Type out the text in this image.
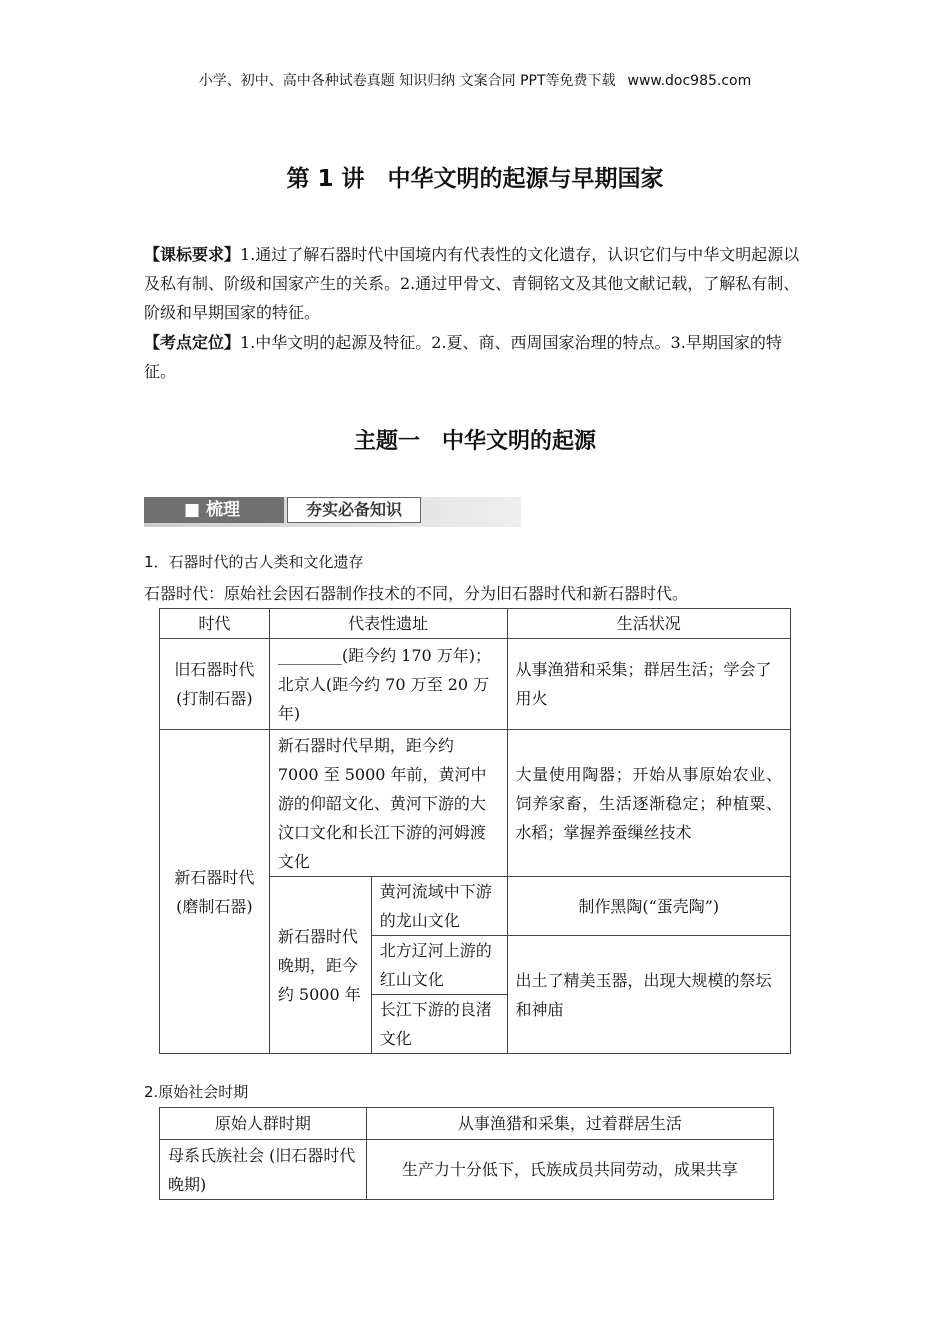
小学、初中、高中各种试卷真题 知识归纳 文案合同 PPT等免费下载 www.doc985.com
第 1 讲　中华文明的起源与早期国家
【课标要求】1.通过了解石器时代中国境内有代表性的文化遗存，认识它们与中华文明起源以及私有制、阶级和国家产生的关系。2.通过甲骨文、青铜铭文及其他文献记载，了解私有制、阶级和早期国家的特征。
【考点定位】1.中华文明的起源及特征。2.夏、商、西周国家治理的特点。3.早期国家的特征。
主题一　中华文明的起源
■ 梳理	夯实必备知识
1．石器时代的古人类和文化遗存
石器时代：原始社会因石器制作技术的不同，分为旧石器时代和新石器时代。
时代	代表性遗址		生活状况
旧石器时代(打制石器)	________(距今约 170 万年)；北京人(距今约 70 万至 20 万年)		从事渔猎和采集；群居生活；学会了用火
新石器时代(磨制石器)	新石器时代早期，距今约 7000 至 5000 年前，黄河中游的仰韶文化、黄河下游的大汶口文化和长江下游的河姆渡文化		大量使用陶器；开始从事原始农业、饲养家畜，生活逐渐稳定；种植粟、水稻；掌握养蚕缫丝技术
	新石器时代晚期，距今约 5000 年	黄河流域中下游的龙山文化	制作黑陶(“蛋壳陶”)
		北方辽河上游的红山文化	出土了精美玉器，出现大规模的祭坛和神庙
		长江下游的良渚文化	
2.原始社会时期
原始人群时期	从事渔猎和采集，过着群居生活
母系氏族社会 (旧石器时代晚期)	生产力十分低下，氏族成员共同劳动，成果共享
